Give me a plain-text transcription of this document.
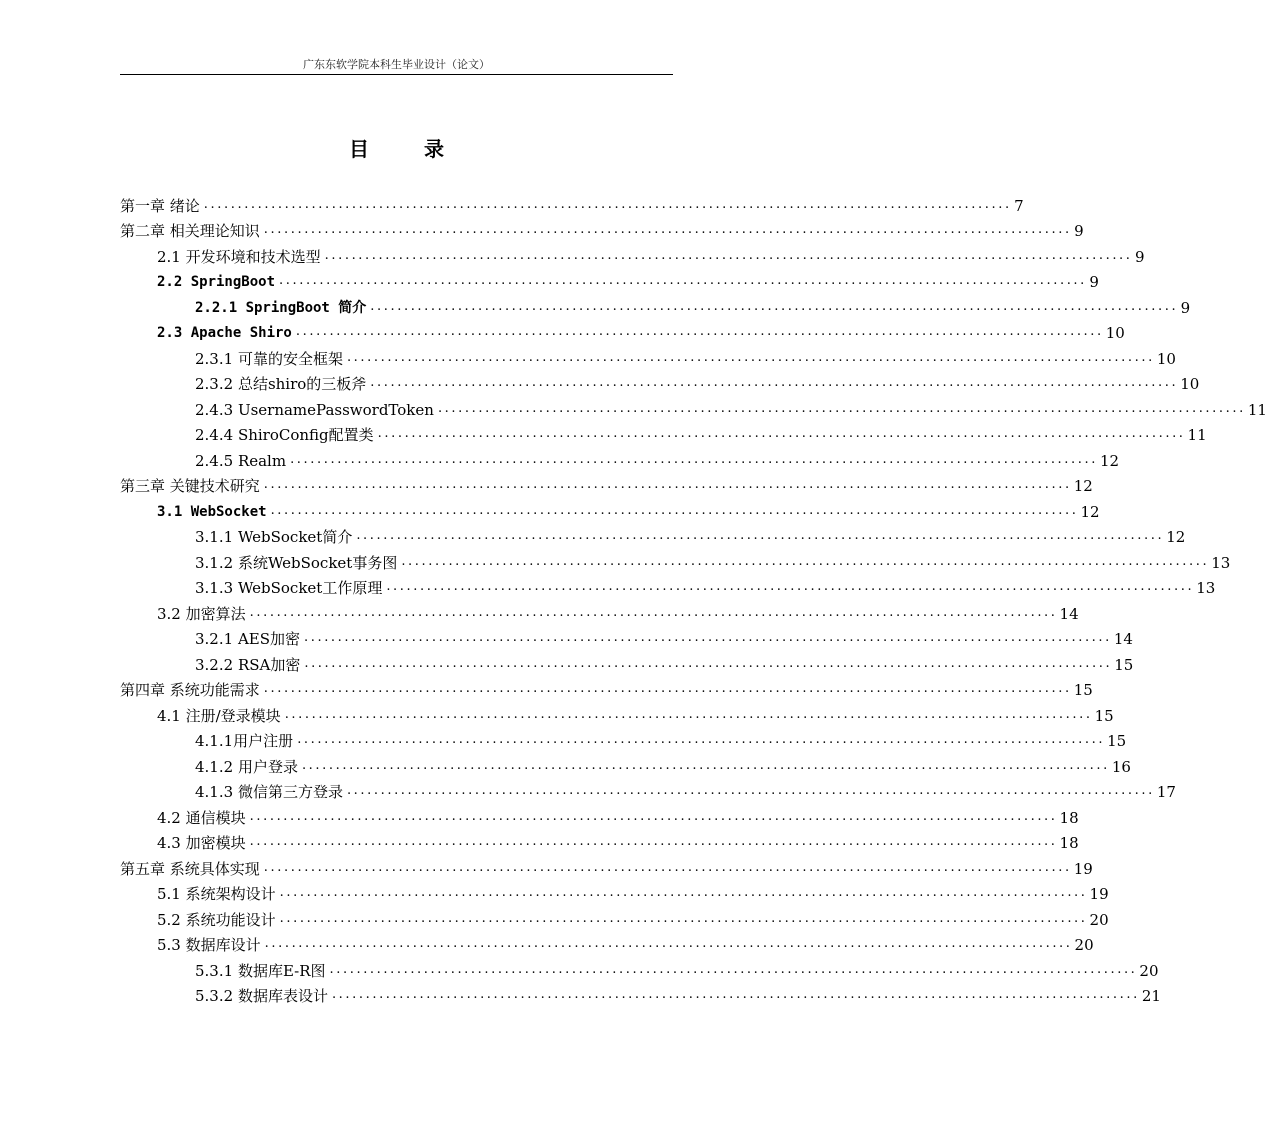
广东东软学院本科生毕业设计（论文）
目 录
第一章 绪论 ........................................................................................................................ 7
第二章 相关理论知识 ........................................................................................................................ 9
2.1 开发环境和技术选型 ........................................................................................................................ 9
2.2 SpringBoot ........................................................................................................................ 9
2.2.1 SpringBoot 简介 ........................................................................................................................ 9
2.3 Apache Shiro ........................................................................................................................ 10
2.3.1 可靠的安全框架 ........................................................................................................................ 10
2.3.2 总结shiro的三板斧 ........................................................................................................................ 10
2.4.3 UsernamePasswordToken ........................................................................................................................ 11
2.4.4 ShiroConfig配置类 ........................................................................................................................ 11
2.4.5 Realm ........................................................................................................................ 12
第三章 关键技术研究 ........................................................................................................................ 12
3.1 WebSocket ........................................................................................................................ 12
3.1.1 WebSocket简介 ........................................................................................................................ 12
3.1.2 系统WebSocket事务图 ........................................................................................................................ 13
3.1.3 WebSocket工作原理 ........................................................................................................................ 13
3.2 加密算法 ........................................................................................................................ 14
3.2.1 AES加密 ........................................................................................................................ 14
3.2.2 RSA加密 ........................................................................................................................ 15
第四章 系统功能需求 ........................................................................................................................ 15
4.1 注册/登录模块 ........................................................................................................................ 15
4.1.1 用户注册 ........................................................................................................................ 15
4.1.2 用户登录 ........................................................................................................................ 16
4.1.3 微信第三方登录 ........................................................................................................................ 17
4.2 通信模块 ........................................................................................................................ 18
4.3 加密模块 ........................................................................................................................ 18
第五章 系统具体实现 ........................................................................................................................ 19
5.1 系统架构设计 ........................................................................................................................ 19
5.2 系统功能设计 ........................................................................................................................ 20
5.3 数据库设计 ........................................................................................................................ 20
5.3.1 数据库E-R图 ........................................................................................................................ 20
5.3.2 数据库表设计 ........................................................................................................................ 21
